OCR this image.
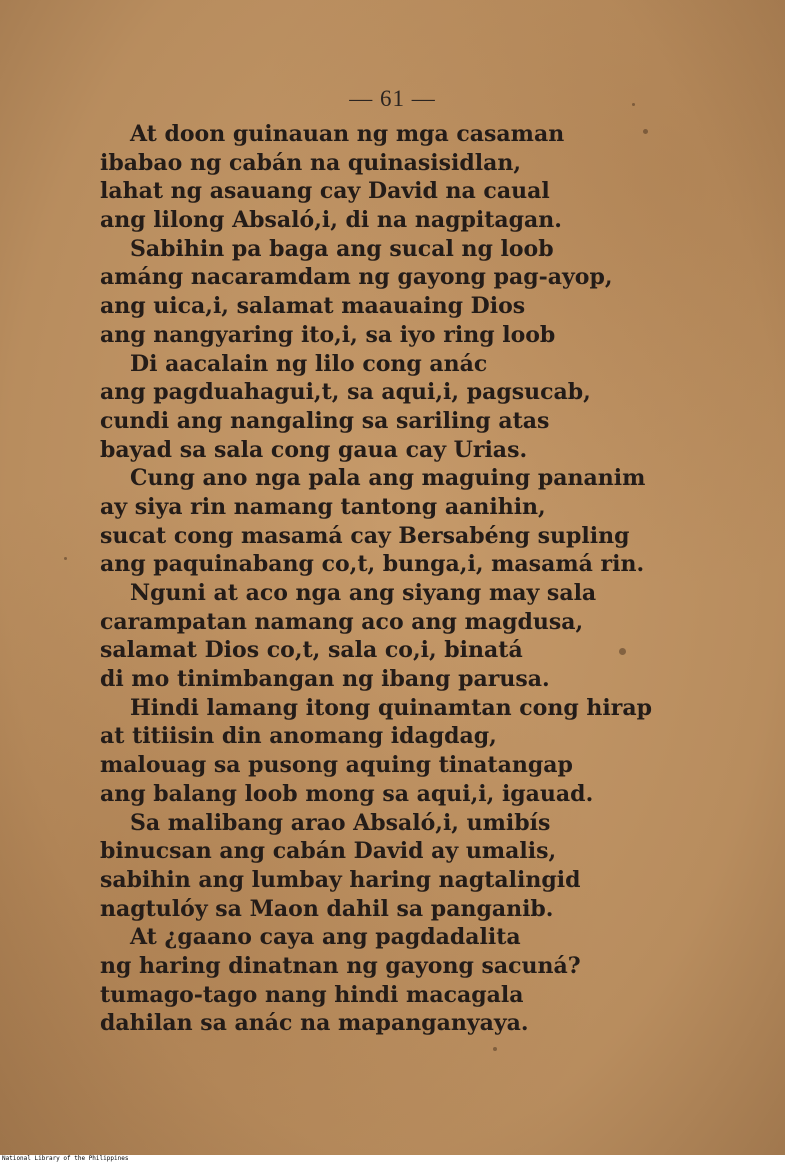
— 61 —
At doon guinauan ng mga casaman
ibabao ng cabán na quinasisidlan,
lahat ng asauang cay David na caual
ang lilong Absaló,i, di na nagpitagan.
Sabihin pa baga ang sucal ng loob
amáng nacaramdam ng gayong pag-ayop,
ang uica,i, salamat maauaing Dios
ang nangyaring ito,i, sa iyo ring loob
Di aacalain ng lilo cong anác
ang pagduahagui,t, sa aqui,i, pagsucab,
cundi ang nangaling sa sariling atas
bayad sa sala cong gaua cay Urias.
Cung ano nga pala ang maguing pananim
ay siya rin namang tantong aanihin,
sucat cong masamá cay Bersabéng supling
ang paquinabang co,t, bunga,i, masamá rin.
Nguni at aco nga ang siyang may sala
carampatan namang aco ang magdusa,
salamat Dios co,t, sala co,i, binatá
di mo tinimbangan ng ibang parusa.
Hindi lamang itong quinamtan cong hirap
at titiisin din anomang idagdag,
malouag sa pusong aquing tinatangap
ang balang loob mong sa aqui,i, igauad.
Sa malibang arao Absaló,i, umibís
binucsan ang cabán David ay umalis,
sabihin ang lumbay haring nagtalingid
nagtulóy sa Maon dahil sa panganib.
At ¿gaano caya ang pagdadalita
ng haring dinatnan ng gayong sacuná?
tumago-tago nang hindi macagala
dahilan sa anác na mapanganyaya.
National Library of the Philippines
